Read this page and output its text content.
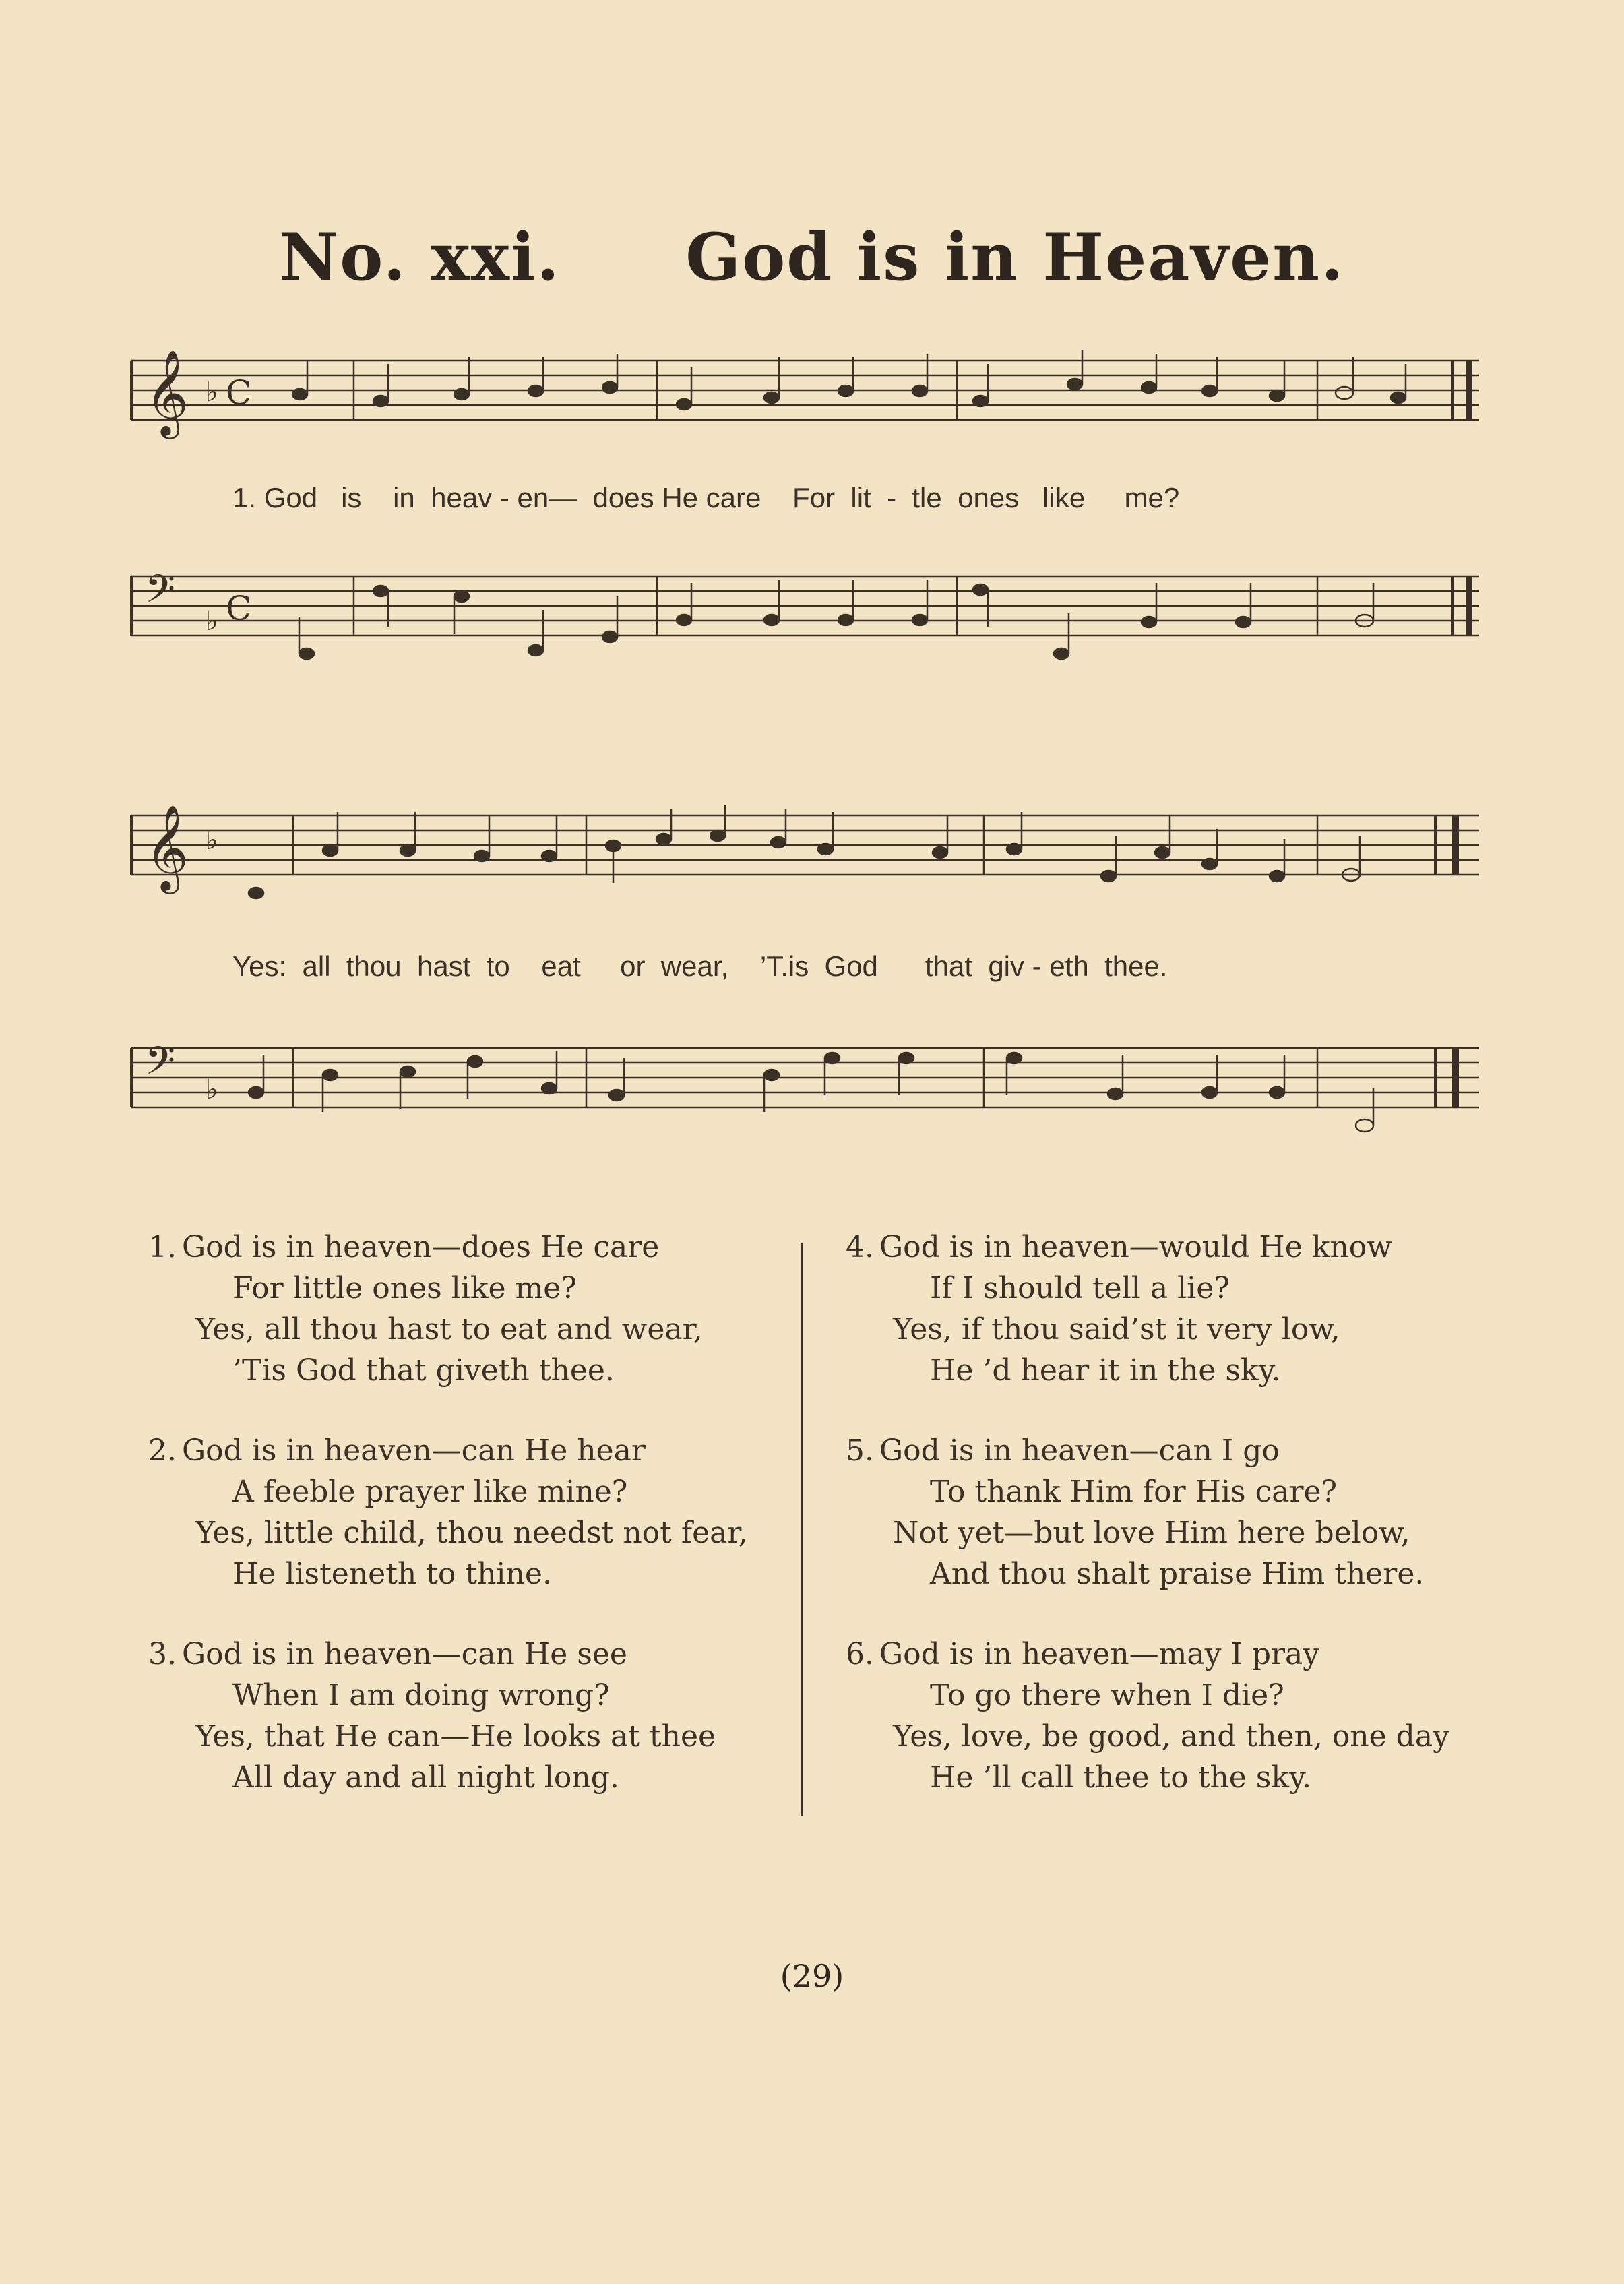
No. xxi. God is in Heaven.
𝄞 ♭ C
1. God   is    in  heav - en—  does He care    For  lit  -  tle  ones   like     me?
𝄢 ♭ C
𝄞 ♭
Yes:  all  thou  hast  to    eat     or  wear,    ’T.is  God      that  giv - eth  thee.
𝄢 ♭
1. God is in heaven—does He care
For little ones like me?
Yes, all thou hast to eat and wear,
’Tis God that giveth thee.
2. God is in heaven—can He hear
A feeble prayer like mine?
Yes, little child, thou needst not fear,
He listeneth to thine.
3. God is in heaven—can He see
When I am doing wrong?
Yes, that He can—He looks at thee
All day and all night long.
4. God is in heaven—would He know
If I should tell a lie?
Yes, if thou said’st it very low,
He ’d hear it in the sky.
5. God is in heaven—can I go
To thank Him for His care?
Not yet—but love Him here below,
And thou shalt praise Him there.
6. God is in heaven—may I pray
To go there when I die?
Yes, love, be good, and then, one day
He ’ll call thee to the sky.
(29)
